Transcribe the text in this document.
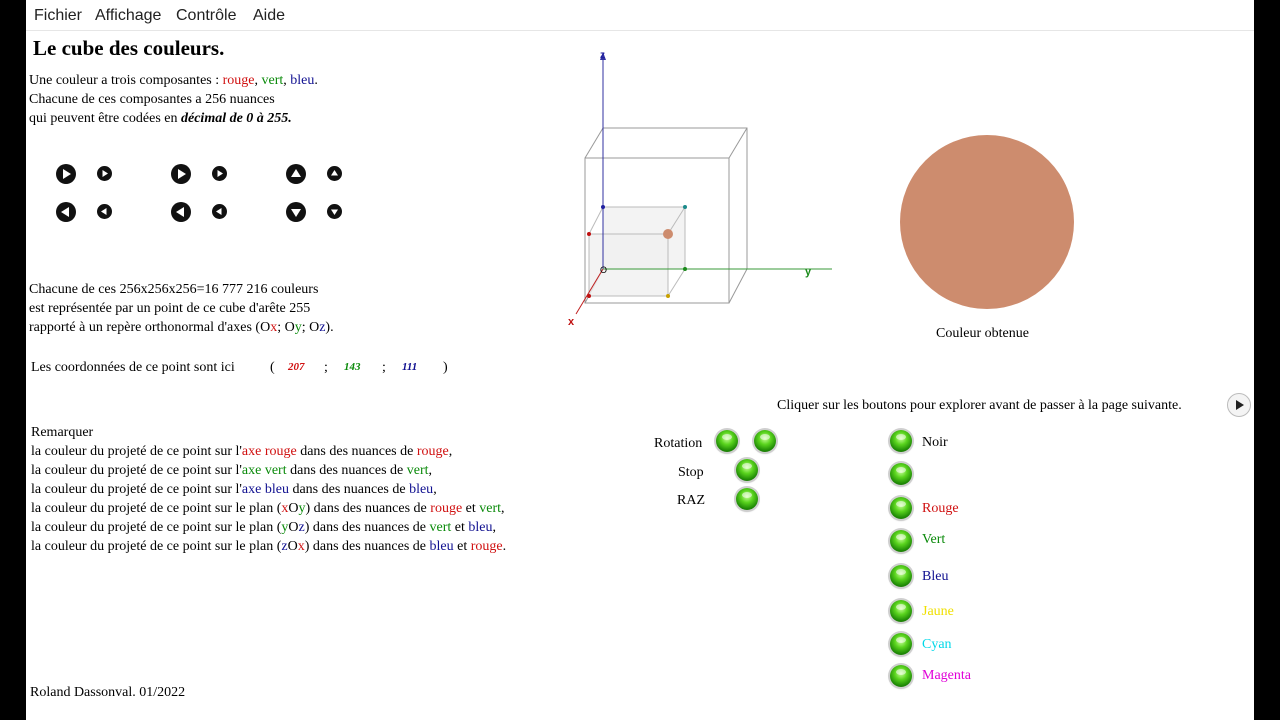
Fichier Affichage Contrôle Aide
Le cube des couleurs.
Une couleur a trois composantes : rouge, vert, bleu.
Chacune de ces composantes a 256 nuances
qui peuvent être codées en décimal de 0 à 255.
Chacune de ces 256x256x256=16 777 216 couleurs
est représentée par un point de ce cube d'arête 255
rapporté à un repère orthonormal d'axes (Ox; Oy; Oz).
Les coordonnées de ce point sont ici	( 207 ; 143 ; 111 )
Remarquer
la couleur du projeté de ce point sur l'axe rouge dans des nuances de rouge,
la couleur du projeté de ce point sur l'axe vert dans des nuances de vert,
la couleur du projeté de ce point sur l'axe bleu dans des nuances de bleu,
la couleur du projeté de ce point sur le plan (xOy) dans des nuances de rouge et vert,
la couleur du projeté de ce point sur le plan (yOz) dans des nuances de vert et bleu,
la couleur du projeté de ce point sur le plan (zOx) dans des nuances de bleu et rouge.
Roland Dassonval. 01/2022
z
y
x
O
Couleur obtenue
Cliquer sur les boutons pour explorer avant de passer à la page suivante.
Rotation
Stop
RAZ
Noir
Rouge
Vert
Bleu
Jaune
Cyan
Magenta
